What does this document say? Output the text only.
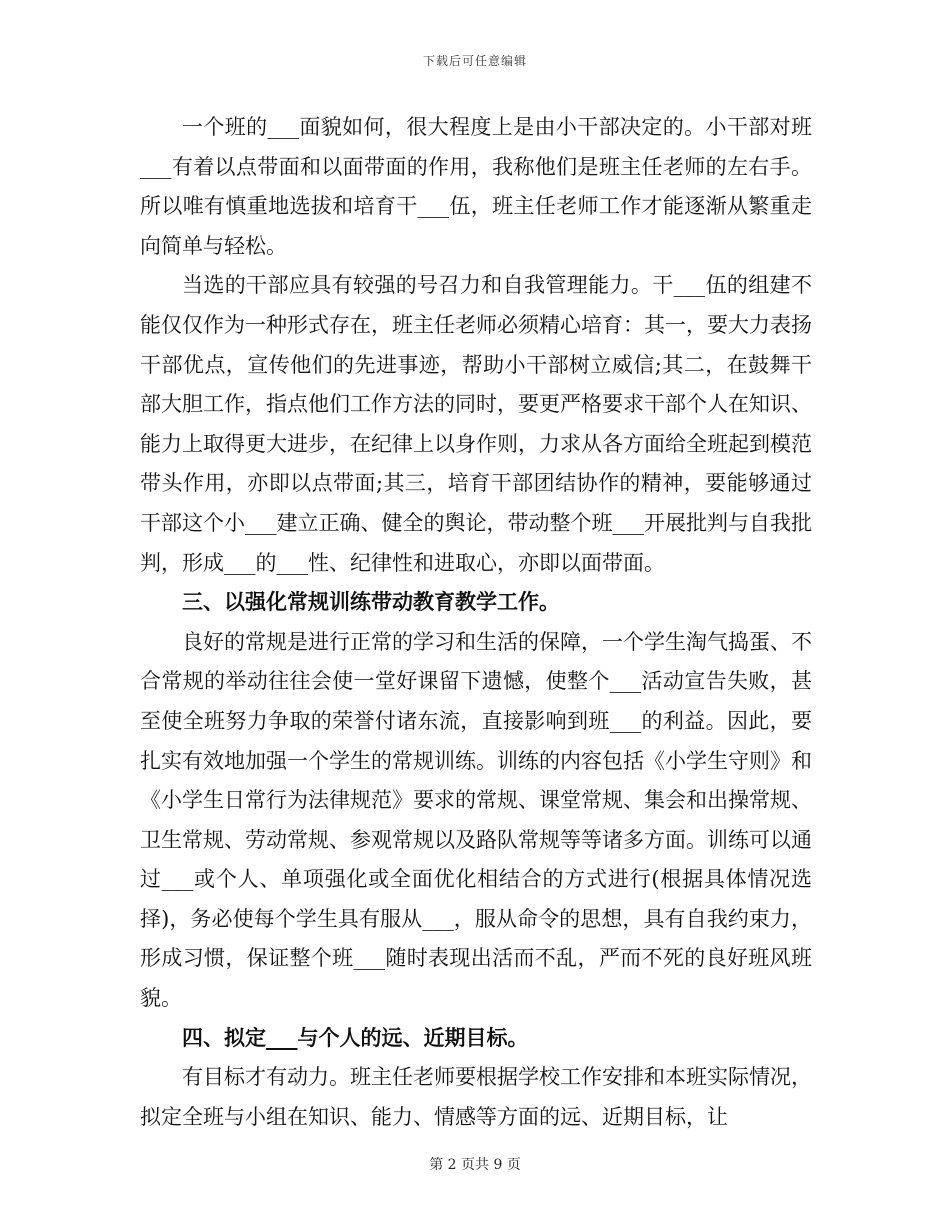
下载后可任意编辑

一个班的___面貌如何，很大程度上是由小干部决定的。小干部对班___有着以点带面和以面带面的作用，我称他们是班主任老师的左右手。所以唯有慎重地选拔和培育干___伍，班主任老师工作才能逐渐从繁重走向简单与轻松。

当选的干部应具有较强的号召力和自我管理能力。干___伍的组建不能仅仅作为一种形式存在，班主任老师必须精心培育：其一，要大力表扬干部优点，宣传他们的先进事迹，帮助小干部树立威信;其二，在鼓舞干部大胆工作，指点他们工作方法的同时，要更严格要求干部个人在知识、能力上取得更大进步，在纪律上以身作则，力求从各方面给全班起到模范带头作用，亦即以点带面;其三，培育干部团结协作的精神，要能够通过干部这个小___建立正确、健全的舆论，带动整个班___开展批判与自我批判，形成___的___性、纪律性和进取心，亦即以面带面。

三、以强化常规训练带动教育教学工作。

良好的常规是进行正常的学习和生活的保障，一个学生淘气捣蛋、不合常规的举动往往会使一堂好课留下遗憾，使整个___活动宣告失败，甚至使全班努力争取的荣誉付诸东流，直接影响到班___的利益。因此，要扎实有效地加强一个学生的常规训练。训练的内容包括《小学生守则》和《小学生日常行为法律规范》要求的常规、课堂常规、集会和出操常规、卫生常规、劳动常规、参观常规以及路队常规等等诸多方面。训练可以通过___或个人、单项强化或全面优化相结合的方式进行(根据具体情况选择)，务必使每个学生具有服从___，服从命令的思想，具有自我约束力，形成习惯，保证整个班___随时表现出活而不乱，严而不死的良好班风班貌。

四、拟定___与个人的远、近期目标。

有目标才有动力。班主任老师要根据学校工作安排和本班实际情况，拟定全班与小组在知识、能力、情感等方面的远、近期目标，让

第 2 页共 9 页
